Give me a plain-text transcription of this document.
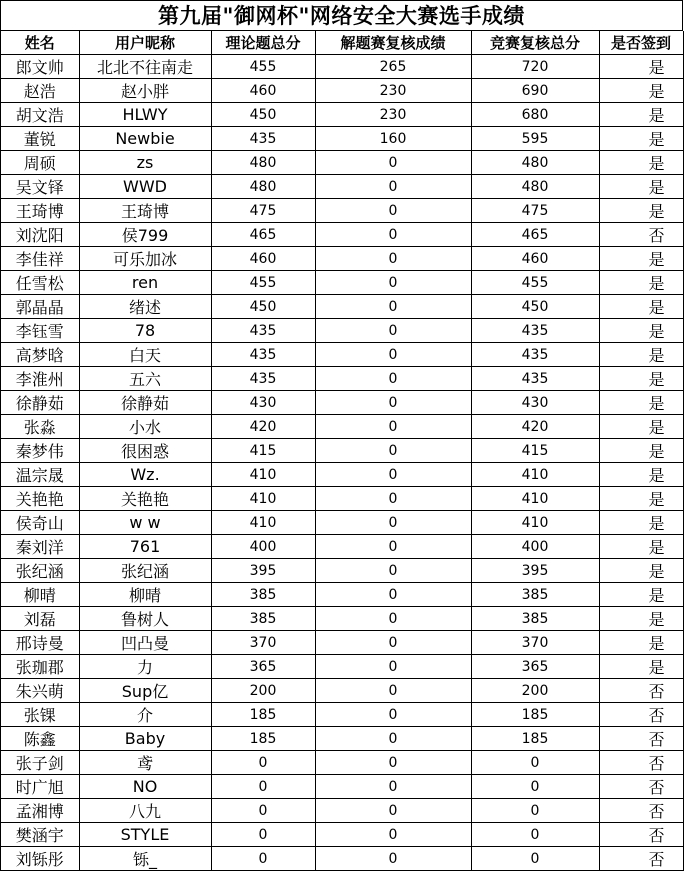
第九届"御网杯"网络安全大赛选手成绩
姓名	用户昵称	理论题总分	解题赛复核成绩	竞赛复核总分	是否签到
郎文帅	北北不往南走	455	265	720	是
赵浩	赵小胖	460	230	690	是
胡文浩	HLWY	450	230	680	是
董锐	Newbie	435	160	595	是
周硕	zs	480	0	480	是
吴文铎	WWD	480	0	480	是
王琦博	王琦博	475	0	475	是
刘沈阳	侯799	465	0	465	否
李佳祥	可乐加冰	460	0	460	是
任雪松	ren	455	0	455	是
郭晶晶	绪述	450	0	450	是
李钰雪	78	435	0	435	是
高梦晗	白天	435	0	435	是
李淮州	五六	435	0	435	是
徐静茹	徐静茹	430	0	430	是
张淼	小水	420	0	420	是
秦梦伟	很困惑	415	0	415	是
温宗晟	Wz.	410	0	410	是
关艳艳	关艳艳	410	0	410	是
侯奇山	w w	410	0	410	是
秦刘洋	761	400	0	400	是
张纪涵	张纪涵	395	0	395	是
柳晴	柳晴	385	0	385	是
刘磊	鲁树人	385	0	385	是
邢诗曼	凹凸曼	370	0	370	是
张珈郡	力	365	0	365	是
朱兴萌	Sup亿	200	0	200	否
张锞	介	185	0	185	否
陈鑫	Baby	185	0	185	否
张子剑	鸢	0	0	0	否
时广旭	NO	0	0	0	否
孟湘博	八九	0	0	0	否
樊涵宇	STYLE	0	0	0	否
刘铄彤	铄_	0	0	0	否
